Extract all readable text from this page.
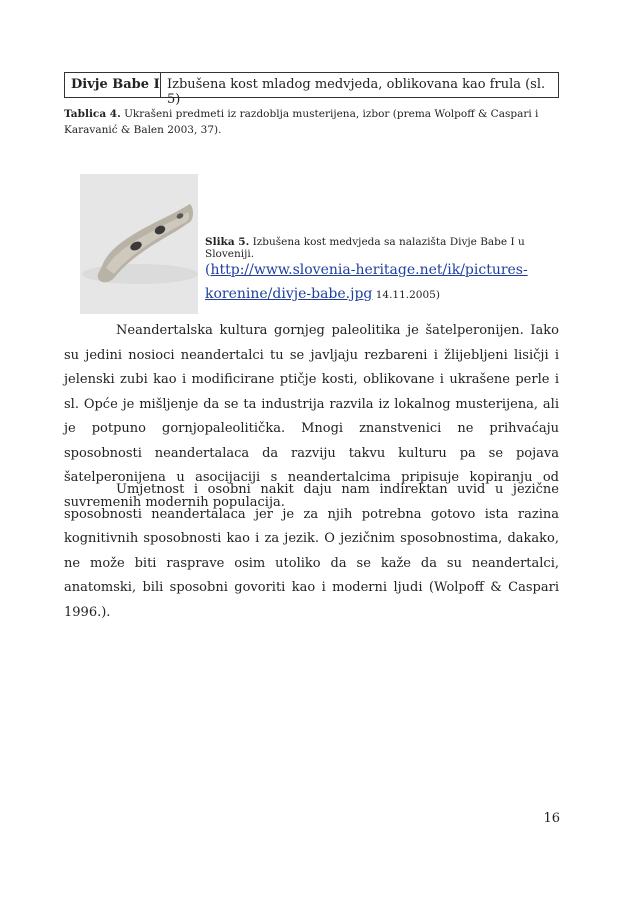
Divje Babe I Izbušena kost mladog medvjeda, oblikovana kao frula (sl. 5)
Tablica 4. Ukrašeni predmeti iz razdoblja musterijena, izbor (prema Wolpoff & Caspari i Karavanić & Balen 2003, 37).
Slika 5. Izbušena kost medvjeda sa nalazišta Divje Babe I u Sloveniji.
(http://www.slovenia-heritage.net/ik/pictures-
korenine/divje-babe.jpg 14.11.2005)

Neandertalska kultura gornjeg paleolitika je šatelperonijen. Iako su jedini nosioci neandertalci tu se javljaju rezbareni i žlijebljeni lisičji i jelenski zubi kao i modificirane ptičje kosti, oblikovane i ukrašene perle i sl. Opće je mišljenje da se ta industrija razvila iz lokalnog musterijena, ali je potpuno gornjopaleolitička. Mnogi znanstvenici ne prihvaćaju sposobnosti neandertalaca da razviju takvu kulturu pa se pojava šatelperonijena u asocijaciji s neandertalcima pripisuje kopiranju od suvremenih modernih populacija.

Umjetnost i osobni nakit daju nam indirektan uvid u jezične sposobnosti neandertalaca jer je za njih potrebna gotovo ista razina kognitivnih sposobnosti kao i za jezik. O jezičnim sposobnostima, dakako, ne može biti rasprave osim utoliko da se kaže da su neandertalci, anatomski, bili sposobni govoriti kao i moderni ljudi (Wolpoff & Caspari 1996.).

16
